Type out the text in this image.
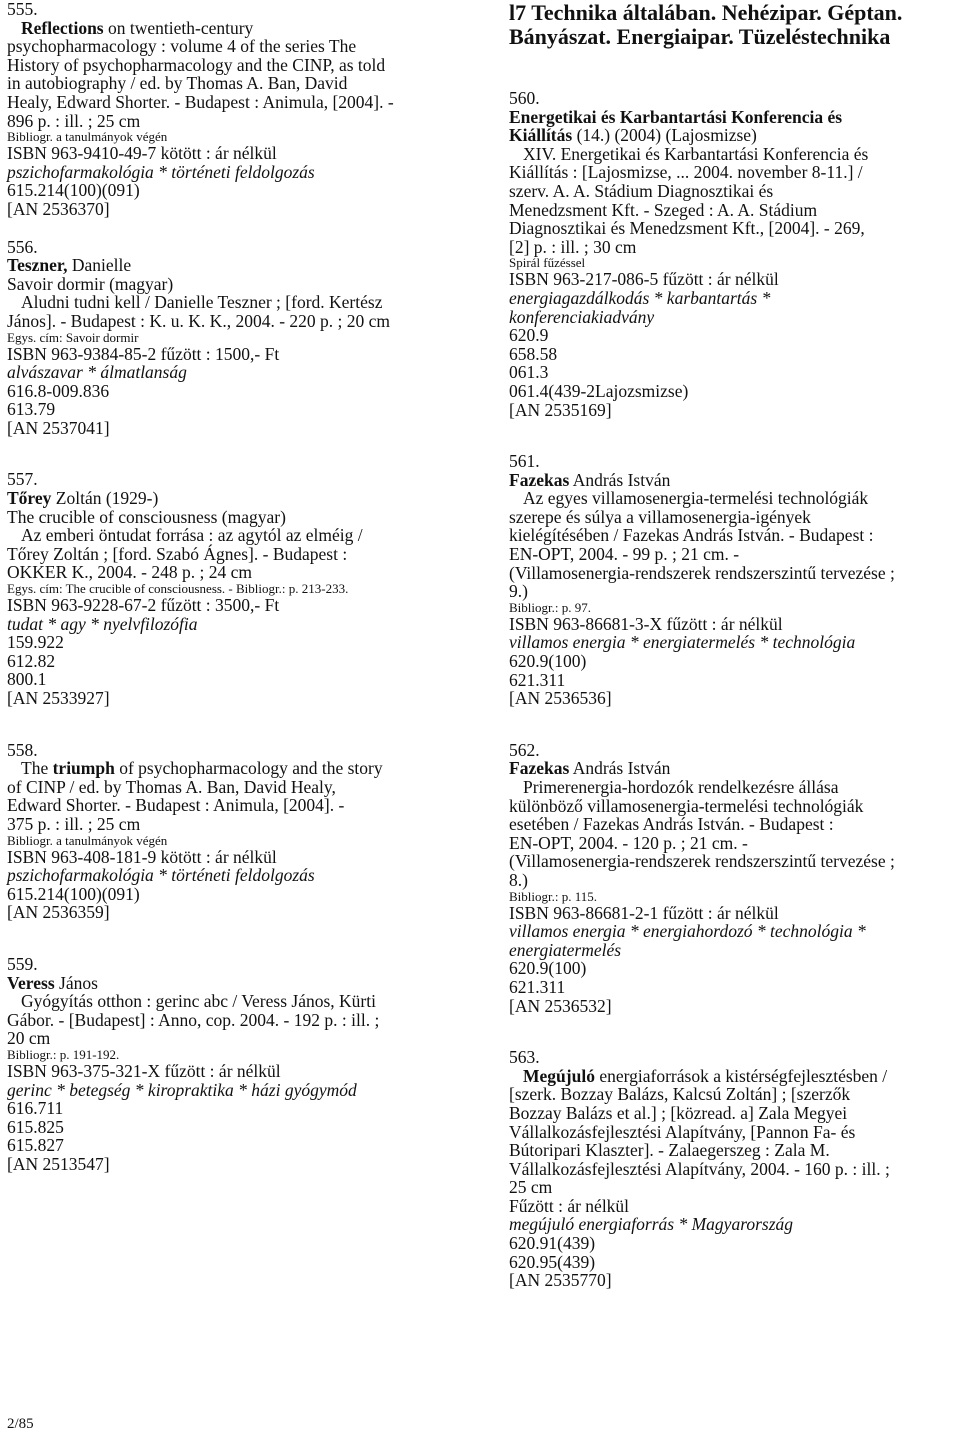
555.
Reflections on twentieth-century
psychopharmacology : volume 4 of the series The
History of psychopharmacology and the CINP, as told
in autobiography / ed. by Thomas A. Ban, David
Healy, Edward Shorter. - Budapest : Animula, [2004]. -
896 p. : ill. ; 25 cm
Bibliogr. a tanulmányok végén
ISBN 963-9410-49-7 kötött : ár nélkül
pszichofarmakológia * történeti feldolgozás
615.214(100)(091)
[AN 2536370]
556.
Teszner, Danielle
Savoir dormir (magyar)
Aludni tudni kell / Danielle Teszner ; [ford. Kertész
János]. - Budapest : K. u. K. K., 2004. - 220 p. ; 20 cm
Egys. cím: Savoir dormir
ISBN 963-9384-85-2 fűzött : 1500,- Ft
alvászavar * álmatlanság
616.8-009.836
613.79
[AN 2537041]
557.
Tőrey Zoltán (1929-)
The crucible of consciousness (magyar)
Az emberi öntudat forrása : az agytól az elméig /
Tőrey Zoltán ; [ford. Szabó Ágnes]. - Budapest :
OKKER K., 2004. - 248 p. ; 24 cm
Egys. cím: The crucible of consciousness. - Bibliogr.: p. 213-233.
ISBN 963-9228-67-2 fűzött : 3500,- Ft
tudat * agy * nyelvfilozófia
159.922
612.82
800.1
[AN 2533927]
558.
The triumph of psychopharmacology and the story
of CINP / ed. by Thomas A. Ban, David Healy,
Edward Shorter. - Budapest : Animula, [2004]. -
375 p. : ill. ; 25 cm
Bibliogr. a tanulmányok végén
ISBN 963-408-181-9 kötött : ár nélkül
pszichofarmakológia * történeti feldolgozás
615.214(100)(091)
[AN 2536359]
559.
Veress János
Gyógyítás otthon : gerinc abc / Veress János, Kürti
Gábor. - [Budapest] : Anno, cop. 2004. - 192 p. : ill. ;
20 cm
Bibliogr.: p. 191-192.
ISBN 963-375-321-X fűzött : ár nélkül
gerinc * betegség * kiropraktika * házi gyógymód
616.711
615.825
615.827
[AN 2513547]
l7 Technika általában. Nehézipar. Géptan.
Bányászat. Energiaipar. Tüzeléstechnika
560.
Energetikai és Karbantartási Konferencia és
Kiállítás (14.) (2004) (Lajosmizse)
XIV. Energetikai és Karbantartási Konferencia és
Kiállítás : [Lajosmizse, ... 2004. november 8-11.] /
szerv. A. A. Stádium Diagnosztikai és
Menedzsment Kft. - Szeged : A. A. Stádium
Diagnosztikai és Menedzsment Kft., [2004]. - 269,
[2] p. : ill. ; 30 cm
Spirál fűzéssel
ISBN 963-217-086-5 fűzött : ár nélkül
energiagazdálkodás * karbantartás *
konferenciakiadvány
620.9
658.58
061.3
061.4(439-2Lajozsmizse)
[AN 2535169]
561.
Fazekas András István
Az egyes villamosenergia-termelési technológiák
szerepe és súlya a villamosenergia-igények
kielégítésében / Fazekas András István. - Budapest :
EN-OPT, 2004. - 99 p. ; 21 cm. -
(Villamosenergia-rendszerek rendszerszintű tervezése ;
9.)
Bibliogr.: p. 97.
ISBN 963-86681-3-X fűzött : ár nélkül
villamos energia * energiatermelés * technológia
620.9(100)
621.311
[AN 2536536]
562.
Fazekas András István
Primerenergia-hordozók rendelkezésre állása
különböző villamosenergia-termelési technológiák
esetében / Fazekas András István. - Budapest :
EN-OPT, 2004. - 120 p. ; 21 cm. -
(Villamosenergia-rendszerek rendszerszintű tervezése ;
8.)
Bibliogr.: p. 115.
ISBN 963-86681-2-1 fűzött : ár nélkül
villamos energia * energiahordozó * technológia *
energiatermelés
620.9(100)
621.311
[AN 2536532]
563.
Megújuló energiaforrások a kistérségfejlesztésben /
[szerk. Bozzay Balázs, Kalcsú Zoltán] ; [szerzők
Bozzay Balázs et al.] ; [közread. a] Zala Megyei
Vállalkozásfejlesztési Alapítvány, [Pannon Fa- és
Bútoripari Klaszter]. - Zalaegerszeg : Zala M.
Vállalkozásfejlesztési Alapítvány, 2004. - 160 p. : ill. ;
25 cm
Fűzött : ár nélkül
megújuló energiaforrás * Magyarország
620.91(439)
620.95(439)
[AN 2535770]
2/85
